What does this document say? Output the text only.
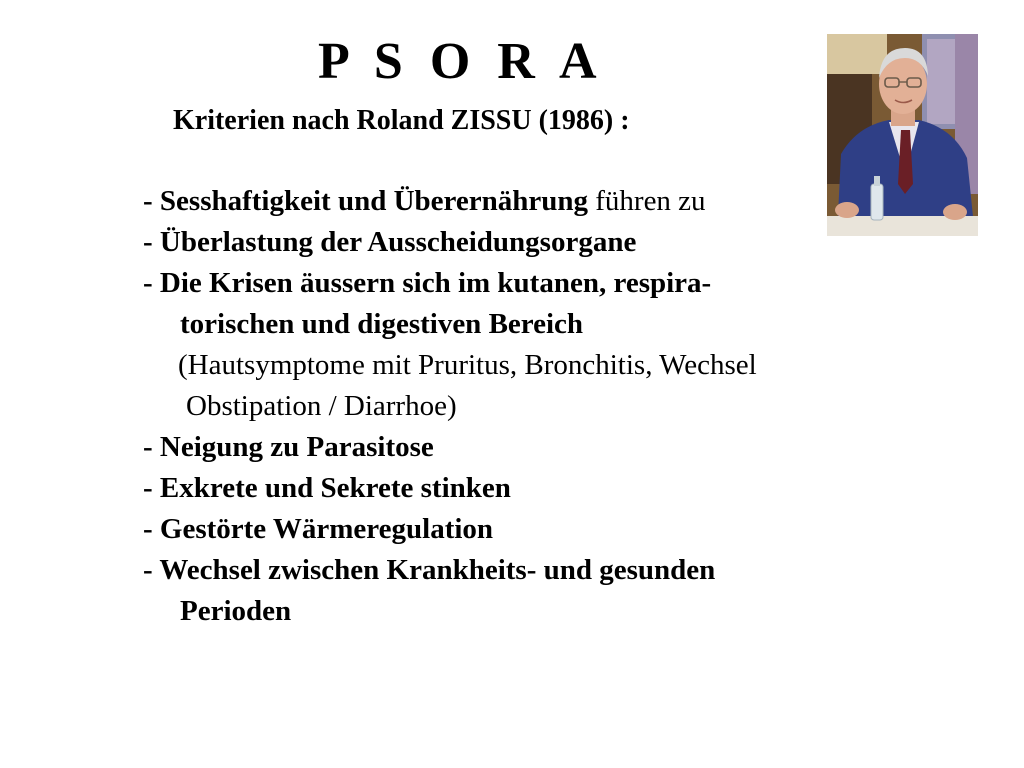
P S O R A
Kriterien nach Roland ZISSU (1986) :
- Sesshaftigkeit und Überernährung führen zu
- Überlastung der Ausscheidungsorgane
- Die Krisen äussern sich im kutanen, respira-
torischen und digestiven Bereich
(Hautsymptome mit Pruritus, Bronchitis, Wechsel
Obstipation / Diarrhoe)
- Neigung zu Parasitose
- Exkrete und Sekrete stinken
- Gestörte Wärmeregulation
- Wechsel zwischen Krankheits- und gesunden
Perioden
